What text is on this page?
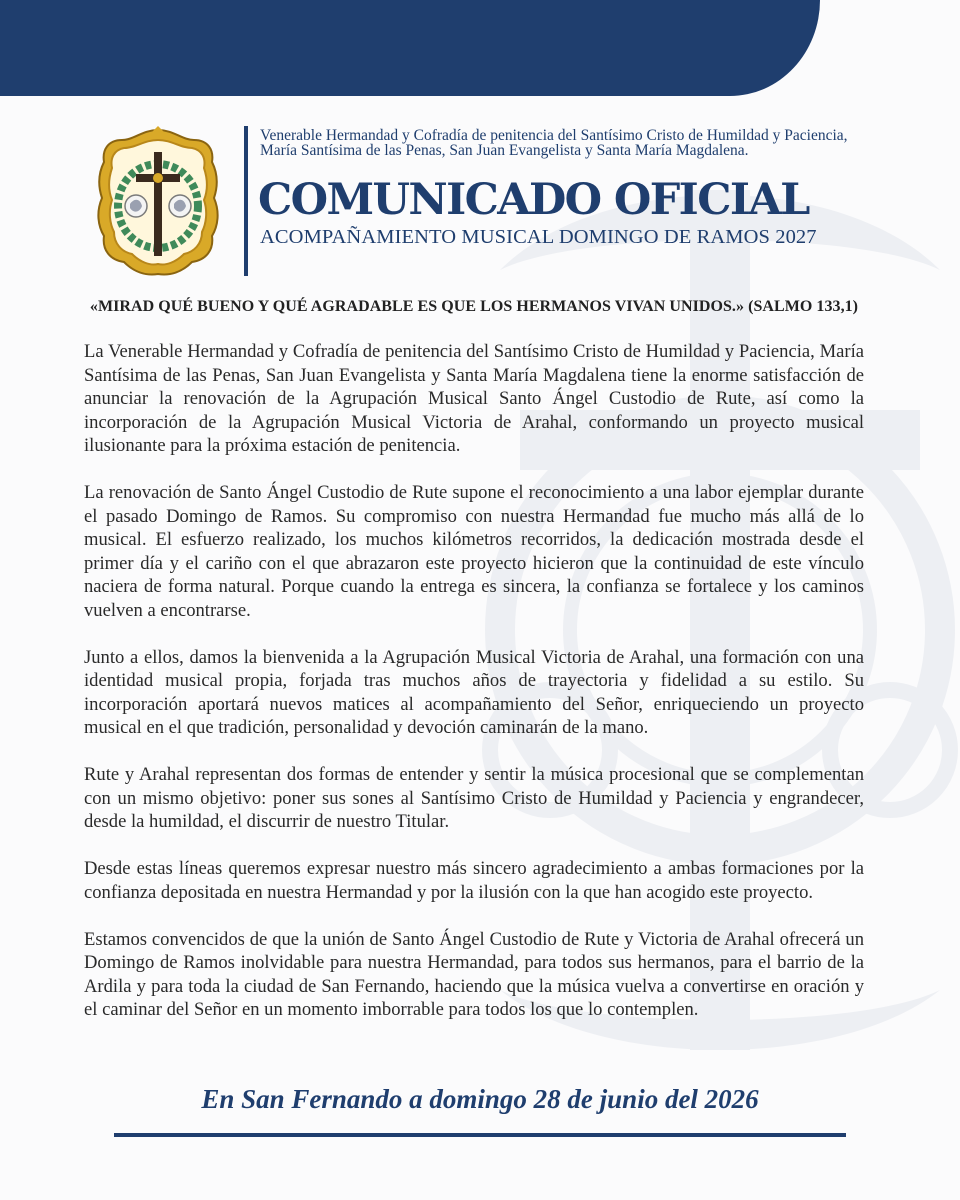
Venerable Hermandad y Cofradía de penitencia del Santísimo Cristo de Humildad y Paciencia, María Santísima de las Penas, San Juan Evangelista y Santa María Magdalena.
COMUNICADO OFICIAL
ACOMPAÑAMIENTO MUSICAL DOMINGO DE RAMOS 2027
«MIRAD QUÉ BUENO Y QUÉ AGRADABLE ES QUE LOS HERMANOS VIVAN UNIDOS.» (SALMO 133,1)

La Venerable Hermandad y Cofradía de penitencia del Santísimo Cristo de Humildad y Paciencia, María Santísima de las Penas, San Juan Evangelista y Santa María Magdalena tiene la enorme satisfacción de anunciar la renovación de la Agrupación Musical Santo Ángel Custodio de Rute, así como la incorporación de la Agrupación Musical Victoria de Arahal, conformando un proyecto musical ilusionante para la próxima estación de penitencia.

La renovación de Santo Ángel Custodio de Rute supone el reconocimiento a una labor ejemplar durante el pasado Domingo de Ramos. Su compromiso con nuestra Hermandad fue mucho más allá de lo musical. El esfuerzo realizado, los muchos kilómetros recorridos, la dedicación mostrada desde el primer día y el cariño con el que abrazaron este proyecto hicieron que la continuidad de este vínculo naciera de forma natural. Porque cuando la entrega es sincera, la confianza se fortalece y los caminos vuelven a encontrarse.

Junto a ellos, damos la bienvenida a la Agrupación Musical Victoria de Arahal, una formación con una identidad musical propia, forjada tras muchos años de trayectoria y fidelidad a su estilo. Su incorporación aportará nuevos matices al acompañamiento del Señor, enriqueciendo un proyecto musical en el que tradición, personalidad y devoción caminarán de la mano.

Rute y Arahal representan dos formas de entender y sentir la música procesional que se complementan con un mismo objetivo: poner sus sones al Santísimo Cristo de Humildad y Paciencia y engrandecer, desde la humildad, el discurrir de nuestro Titular.

Desde estas líneas queremos expresar nuestro más sincero agradecimiento a ambas formaciones por la confianza depositada en nuestra Hermandad y por la ilusión con la que han acogido este proyecto.

Estamos convencidos de que la unión de Santo Ángel Custodio de Rute y Victoria de Arahal ofrecerá un Domingo de Ramos inolvidable para nuestra Hermandad, para todos sus hermanos, para el barrio de la Ardila y para toda la ciudad de San Fernando, haciendo que la música vuelva a convertirse en oración y el caminar del Señor en un momento imborrable para todos los que lo contemplen.

En San Fernando a domingo 28 de junio del 2026
